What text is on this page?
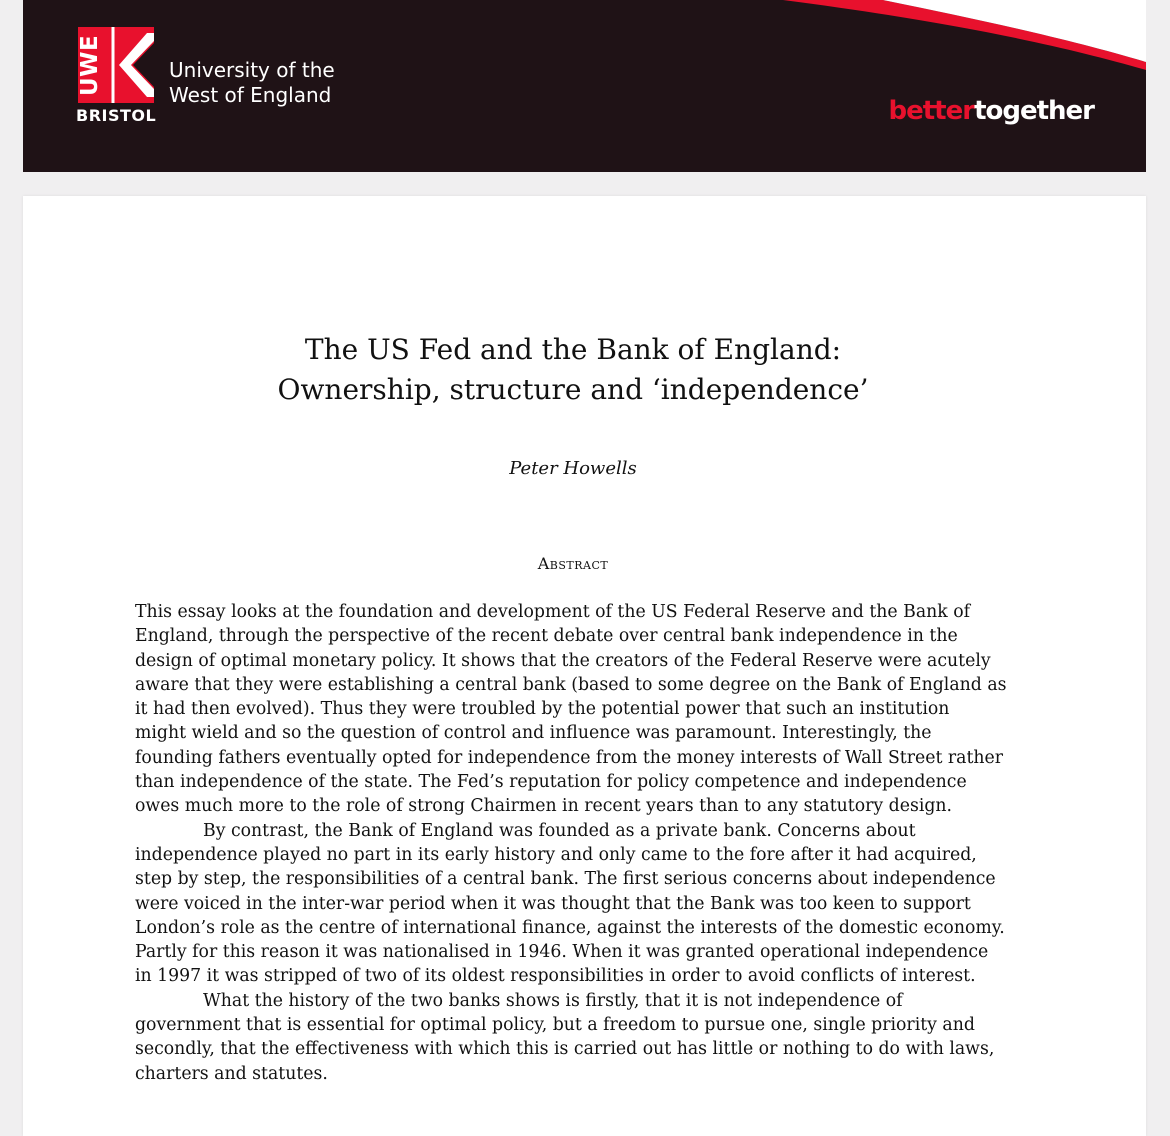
UWE
BRISTOL
University of the
West of England
bettertogether
The US Fed and the Bank of England:
Ownership, structure and ‘independence’
Peter Howells
Abstract
This essay looks at the foundation and development of the US Federal Reserve and the Bank of
England, through the perspective of the recent debate over central bank independence in the
design of optimal monetary policy. It shows that the creators of the Federal Reserve were acutely
aware that they were establishing a central bank (based to some degree on the Bank of England as
it had then evolved). Thus they were troubled by the potential power that such an institution
might wield and so the question of control and influence was paramount. Interestingly, the
founding fathers eventually opted for independence from the money interests of Wall Street rather
than independence of the state. The Fed’s reputation for policy competence and independence
owes much more to the role of strong Chairmen in recent years than to any statutory design.
By contrast, the Bank of England was founded as a private bank. Concerns about
independence played no part in its early history and only came to the fore after it had acquired,
step by step, the responsibilities of a central bank. The first serious concerns about independence
were voiced in the inter-war period when it was thought that the Bank was too keen to support
London’s role as the centre of international finance, against the interests of the domestic economy.
Partly for this reason it was nationalised in 1946. When it was granted operational independence
in 1997 it was stripped of two of its oldest responsibilities in order to avoid conflicts of interest.
What the history of the two banks shows is firstly, that it is not independence of
government that is essential for optimal policy, but a freedom to pursue one, single priority and
secondly, that the effectiveness with which this is carried out has little or nothing to do with laws,
charters and statutes.
